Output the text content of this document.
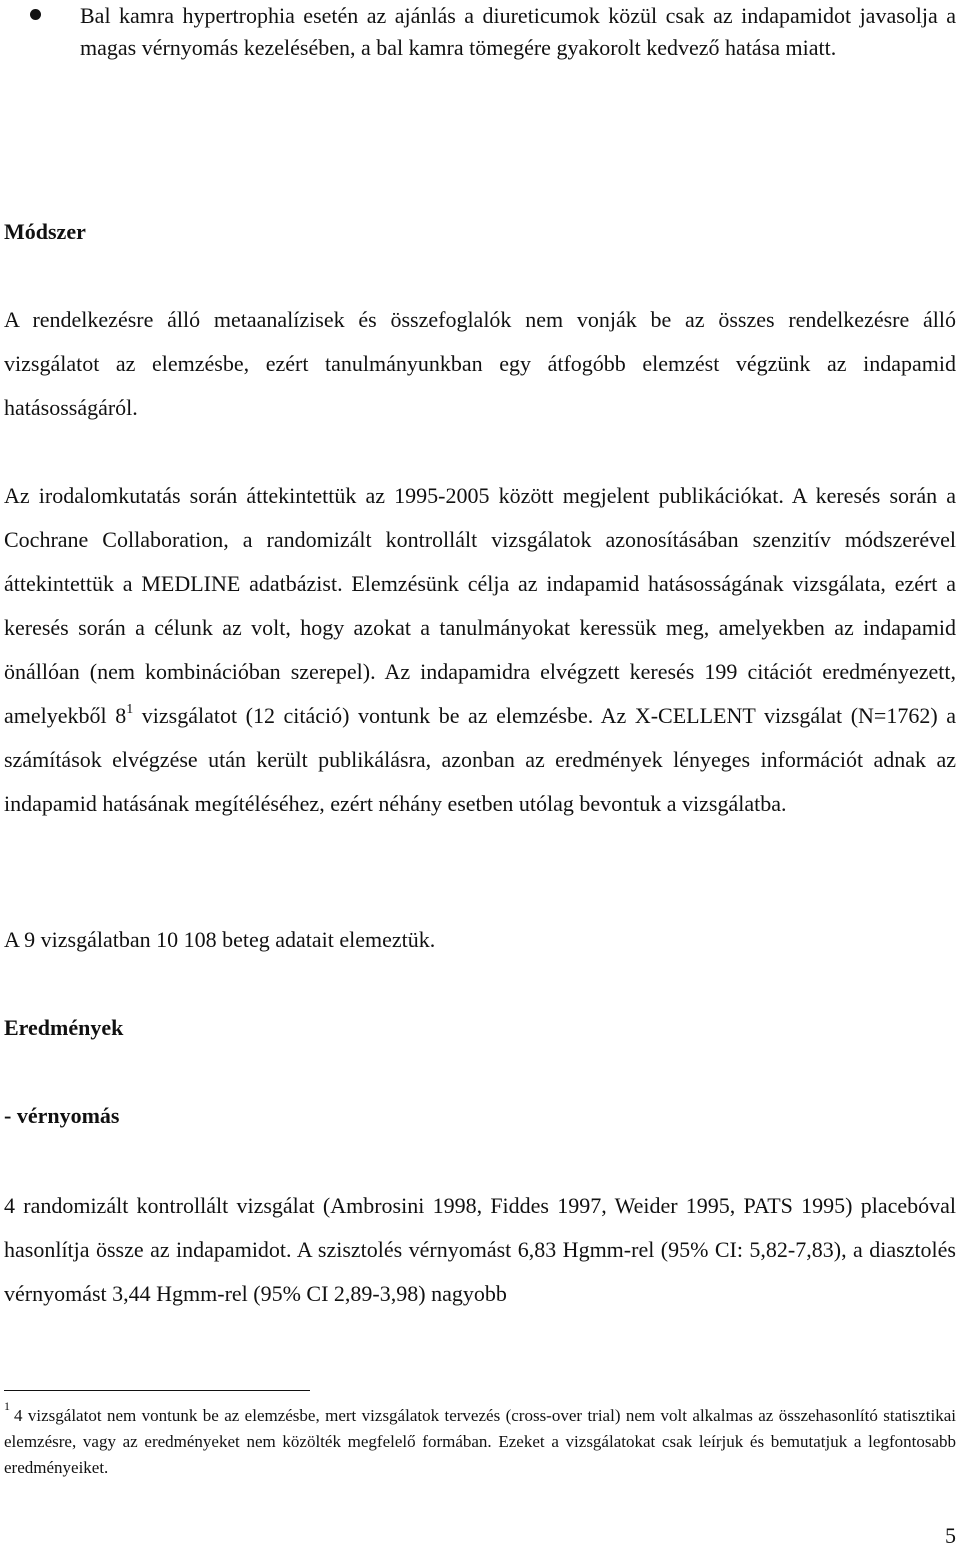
Bal kamra hypertrophia esetén az ajánlás a diureticumok közül csak az indapamidot javasolja a magas vérnyomás kezelésében, a bal kamra tömegére gyakorolt kedvező hatása miatt.
Módszer
A rendelkezésre álló metaanalízisek és összefoglalók nem vonják be az összes rendelkezésre álló vizsgálatot az elemzésbe, ezért tanulmányunkban egy átfogóbb elemzést végzünk az indapamid hatásosságáról.
Az irodalomkutatás során áttekintettük az 1995-2005 között megjelent publikációkat. A keresés során a Cochrane Collaboration, a randomizált kontrollált vizsgálatok azonosításában szenzitív módszerével áttekintettük a MEDLINE adatbázist. Elemzésünk célja az indapamid hatásosságának vizsgálata, ezért a keresés során a célunk az volt, hogy azokat a tanulmányokat keressük meg, amelyekben az indapamid önállóan (nem kombinációban szerepel). Az indapamidra elvégzett keresés 199 citációt eredményezett, amelyekből $8^1$ vizsgálatot (12 citáció) vontunk be az elemzésbe. Az X-CELLENT vizsgálat (N=1762) a számítások elvégzése után került publikálásra, azonban az eredmények lényeges információt adnak az indapamid hatásának megítéléséhez, ezért néhány esetben utólag bevontuk a vizsgálatba.
A 9 vizsgálatban 10 108 beteg adatait elemeztük.
Eredmények
- vérnyomás
4 randomizált kontrollált vizsgálat (Ambrosini 1998, Fiddes 1997, Weider 1995, PATS 1995) placebóval hasonlítja össze az indapamidot. A szisztolés vérnyomást 6,83 Hgmm-rel (95% CI: 5,82-7,83), a diasztolés vérnyomást 3,44 Hgmm-rel (95% CI 2,89-3,98) nagyobb
$^1$ 4 vizsgálatot nem vontunk be az elemzésbe, mert vizsgálatok tervezés (cross-over trial) nem volt alkalmas az összehasonlító statisztikai elemzésre, vagy az eredményeket nem közölték megfelelő formában. Ezeket a vizsgálatokat csak leírjuk és bemutatjuk a legfontosabb eredményeiket.
5
